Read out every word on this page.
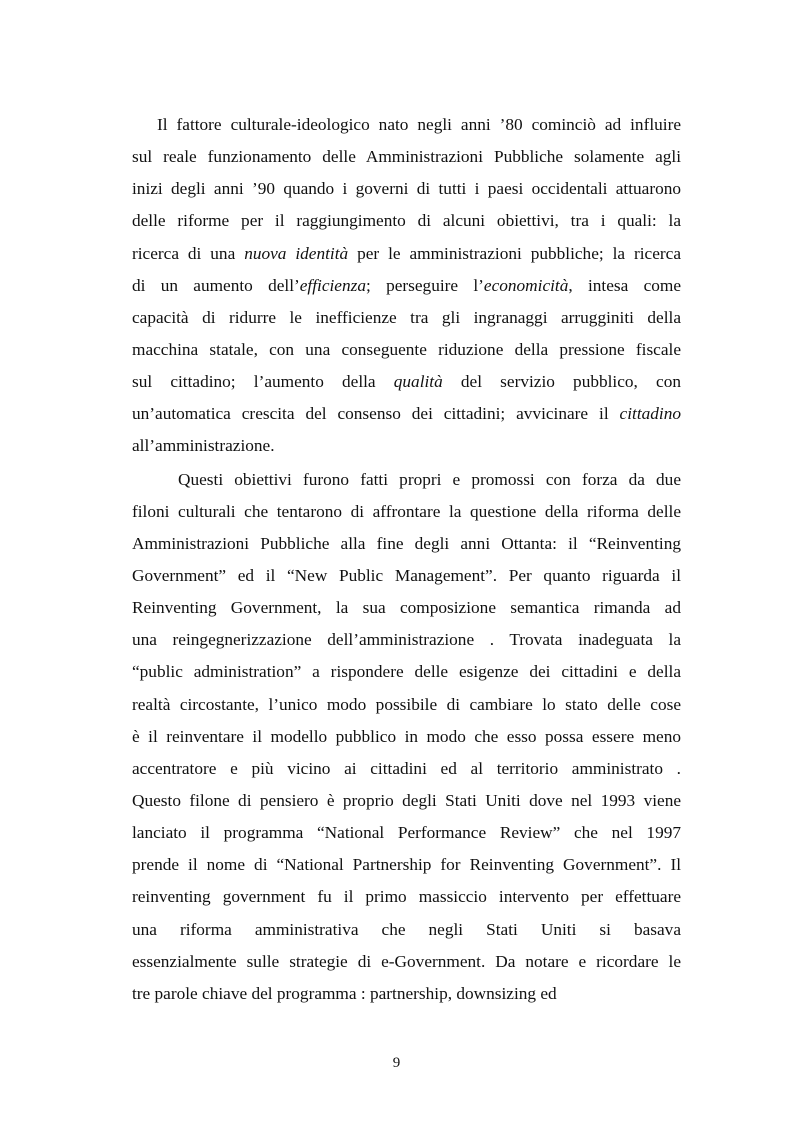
Il fattore culturale-ideologico nato negli anni ’80 cominciò ad influire
sul reale funzionamento delle Amministrazioni Pubbliche solamente agli
inizi degli anni ’90 quando i governi di tutti i paesi occidentali attuarono
delle riforme per il raggiungimento di alcuni obiettivi, tra i quali: la
ricerca di una nuova identità per le amministrazioni pubbliche; la ricerca
di un aumento dell’efficienza; perseguire l’economicità, intesa come
capacità di ridurre le inefficienze tra gli ingranaggi arrugginiti della
macchina statale, con una conseguente riduzione della pressione fiscale
sul cittadino; l’aumento della qualità del servizio pubblico, con
un’automatica crescita del consenso dei cittadini; avvicinare il cittadino
all’amministrazione.
Questi obiettivi furono fatti propri e promossi con forza da due
filoni culturali che tentarono di affrontare la questione della riforma delle
Amministrazioni Pubbliche alla fine degli anni Ottanta: il “Reinventing
Government” ed il “New Public Management”. Per quanto riguarda il
Reinventing Government, la sua composizione semantica rimanda ad
una reingegnerizzazione dell’amministrazione . Trovata inadeguata la
“public administration” a rispondere delle esigenze dei cittadini e della
realtà circostante, l’unico modo possibile di cambiare lo stato delle cose
è il reinventare il modello pubblico in modo che esso possa essere meno
accentratore e più vicino ai cittadini ed al territorio amministrato .
Questo filone di pensiero è proprio degli Stati Uniti dove nel 1993 viene
lanciato il programma “National Performance Review” che nel 1997
prende il nome di “National Partnership for Reinventing Government”. Il
reinventing government fu il primo massiccio intervento per effettuare
una riforma amministrativa che negli Stati Uniti si basava
essenzialmente sulle strategie di e-Government. Da notare e ricordare le
tre parole chiave del programma : partnership, downsizing ed
9
